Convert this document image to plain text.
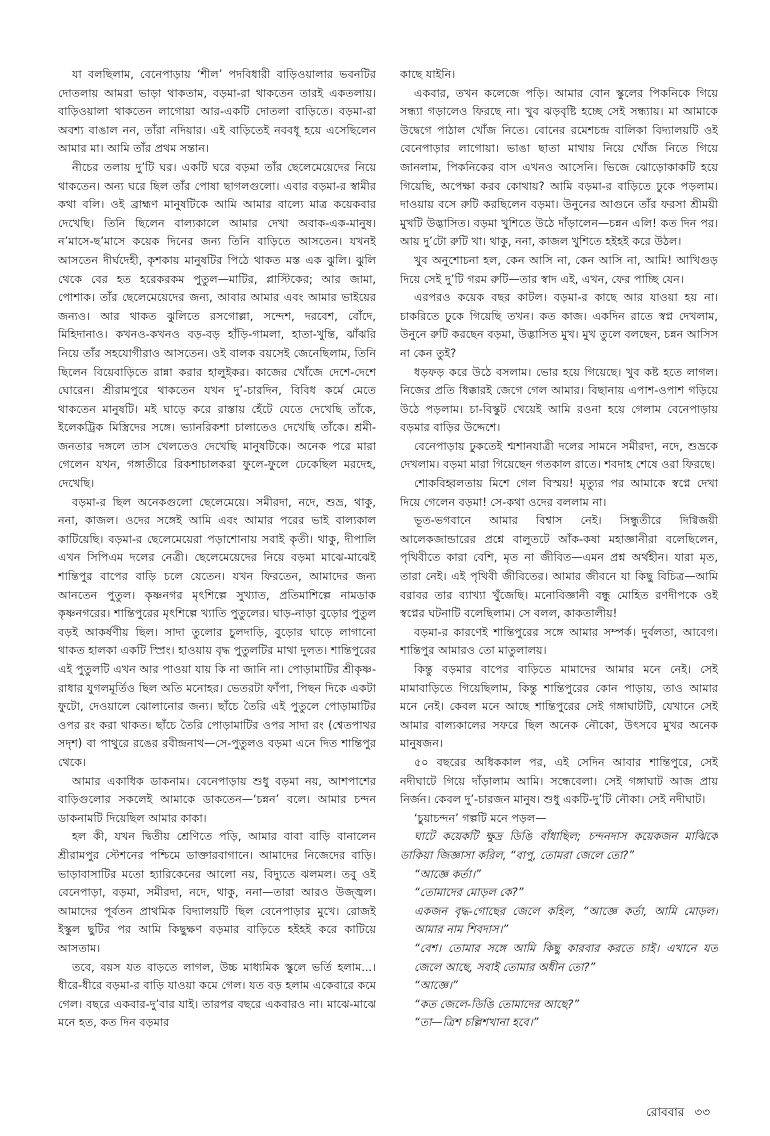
যা বলছিলাম, বেনেপাড়ায় ‘শীল’ পদবিধারী বাড়িওয়ালার ভবনটির দোতলায় আমরা ভাড়া থাকতাম, বড়মা-রা থাকতেন তারই একতলায়। বাড়িওয়ালা থাকতেন লাগোয়া আর-একটি দোতলা বাড়িতে। বড়মা-রা অবশ্য বাঙাল নন, তাঁরা নদিয়ার। এই বাড়িতেই নববধূ হয়ে এসেছিলেন আমার মা। আমি তাঁর প্রথম সন্তান।

নীচের তলায় দু’টি ঘর। একটি ঘরে বড়মা তাঁর ছেলেমেয়েদের নিয়ে থাকতেন। অন্য ঘরে ছিল তাঁর পোষা ছাগলগুলো। এবার বড়মা-র স্বামীর কথা বলি। ওই ব্রাহ্মণ মানুষটিকে আমি আমার বাল্যে মাত্র কয়েকবার দেখেছি। তিনি ছিলেন বাল্যকালে আমার দেখা অবাক-এক-মানুষ। ন’মাসে-ছ’মাসে কয়েক দিনের জন্য তিনি বাড়িতে আসতেন। যখনই আসতেন দীর্ঘদেহী, কৃশকায় মানুষটির পিঠে থাকত মস্ত এক ঝুলি। ঝুলি থেকে বের হত হরেকরকম পুতুল—মাটির, প্লাস্টিকের; আর জামা, পোশাক। তাঁর ছেলেমেয়েদের জন্য, আবার আমার এবং আমার ভাইয়ের জন্যও। আর থাকত ঝুলিতে রসগোল্লা, সন্দেশ, দরবেশ, বোঁদে, মিহিদানাও। কখনও-কখনও বড়-বড় হাঁড়ি-গামলা, হাতা-খুন্তি, ঝাঁঝরি নিয়ে তাঁর সহযোগীরাও আসতেন। ওই বালক বয়সেই জেনেছিলাম, তিনি ছিলেন বিয়েবাড়িতে রান্না করার হালুইকর। কাজের খোঁজে দেশে-দেশে ঘোরেন। শ্রীরামপুরে থাকতেন যখন দু’-চারদিন, বিবিধ কর্মে মেতে থাকতেন মানুষটি। মই ঘাড়ে করে রাস্তায় হেঁটে যেতে দেখেছি তাঁকে, ইলেকট্রিক মিস্ত্রিদের সঙ্গে। ভ্যানরিকশা চালাতেও দেখেছি তাঁকে। শ্রমী-জনতার দঙ্গলে তাস খেলতেও দেখেছি মানুষটিকে। অনেক পরে মারা গেলেন যখন, গঙ্গাতীরে রিকশাচালকরা ফুলে-ফুলে ঢেকেছিল মরদেহ, দেখেছি।

বড়মা-র ছিল অনেকগুলো ছেলেমেয়ে। সমীরদা, নদে, শুভ্র, থাকু, ননা, কাজল। ওদের সঙ্গেই আমি এবং আমার পরের ভাই বাল্যকাল কাটিয়েছি। বড়মা-র ছেলেমেয়েরা পড়াশোনায় সবাই কৃতী। থাকু, দীপালি এখন সিপিএম দলের নেত্রী। ছেলেমেয়েদের নিয়ে বড়মা মাঝে-মাঝেই শান্তিপুর বাপের বাড়ি চলে যেতেন। যখন ফিরতেন, আমাদের জন্য আনতেন পুতুল। কৃষ্ণনগর মৃৎশিল্পে সুখ্যাত, প্রতিমাশিল্পে নামডাক কৃষ্ণনগরের। শান্তিপুরের মৃৎশিল্পে খ্যাতি পুতুলের। ঘাড়-নাড়া বুড়োর পুতুল বড়ই আকর্ষণীয় ছিল। সাদা তুলোর চুলদাড়ি, বুড়োর ঘাড়ে লাগানো থাকত হালকা একটি স্প্রিং। হাওয়ায় বৃদ্ধ পুতুলটির মাথা দুলত। শান্তিপুরের এই পুতুলটি এখন আর পাওয়া যায় কি না জানি না। পোড়ামাটির শ্রীকৃষ্ণ-রাধার যুগলমূর্তিও ছিল অতি মনোহর। ভেতরটা ফাঁপা, পিছন দিকে একটা ফুটো, দেওয়ালে ঝোলানোর জন্য। ছাঁচে তৈরি এই পুতুলে পোড়ামাটির ওপর রং করা থাকত। ছাঁচে তৈরি পোড়ামাটির ওপর সাদা রং (শ্বেতপাথর সদৃশ) বা পাথুরে রঙের রবীন্দ্রনাথ—সে-পুতুলও বড়মা এনে দিত শান্তিপুর থেকে।

আমার একাধিক ডাকনাম। বেনেপাড়ায় শুধু বড়মা নয়, আশপাশের বাড়িগুলোর সকলেই আমাকে ডাকতেন—‘চন্নন’ বলে। আমার চন্দন ডাকনামটি দিয়েছিল আমার কাকা।

হল কী, যখন দ্বিতীয় শ্রেণিতে পড়ি, আমার বাবা বাড়ি বানালেন শ্রীরামপুর স্টেশনের পশ্চিমে ডাক্তারবাগানে। আমাদের নিজেদের বাড়ি। ভাড়াবাসাটির মতো হ্যারিকেনের আলো নয়, বিদ্যুতে ঝলমল। তবু ওই বেনেপাড়া, বড়মা, সমীরদা, নদে, থাকু, ননা—তারা আরও উজ্জ্বল। আমাদের পূর্বতন প্রাথমিক বিদ্যালয়টি ছিল বেনেপাড়ার মুখে। রোজই ইস্কুল ছুটির পর আমি কিছুক্ষণ বড়মার বাড়িতে হইহই করে কাটিয়ে আসতাম।

তবে, বয়স যত বাড়তে লাগল, উচ্চ মাধ্যমিক স্কুলে ভর্তি হলাম...। ধীরে-ধীরে বড়মা-র বাড়ি যাওয়া কমে গেল। যত বড় হলাম একেবারে কমে গেল। বছরে একবার-দু’বার যাই। তারপর বছরে একবারও না। মাঝে-মাঝে মনে হত, কত দিন বড়মার

কাছে যাইনি।

একবার, তখন কলেজে পড়ি। আমার বোন স্কুলের পিকনিকে গিয়ে সন্ধ্যা গড়ালেও ফিরছে না। খুব ঝড়বৃষ্টি হচ্ছে সেই সন্ধ্যায়। মা আমাকে উদ্বেগে পাঠাল খোঁজ নিতে। বোনের রমেশচন্দ্র বালিকা বিদ্যালয়টি ওই বেনেপাড়ার লাগোয়া। ভাঙা ছাতা মাথায় নিয়ে খোঁজ নিতে গিয়ে জানলাম, পিকনিকের বাস এখনও আসেনি। ভিজে ঝোড়োকাকটি হয়ে গিয়েছি, অপেক্ষা করব কোথায়? আমি বড়মা-র বাড়িতে ঢুকে পড়লাম। দাওয়ায় বসে রুটি করছিলেন বড়মা। উনুনের আগুনে তাঁর ফরসা শ্রীময়ী মুখটি উদ্ভাসিত। বড়মা খুশিতে উঠে দাঁড়ালেন—চন্নন এলি! কত দিন পর। আয় দু’টো রুটি খা। থাকু, ননা, কাজল খুশিতে হইহই করে উঠল।

খুব অনুশোচনা হল, কেন আসি না, কেন আসি না, আমি! আখিগুড় দিয়ে সেই দু’টি গরম রুটি—তার স্বাদ এই, এখন, ফের পাচ্ছি যেন।

এরপরও কয়েক বছর কাটল। বড়মা-র কাছে আর যাওয়া হয় না। চাকরিতে ঢুকে গিয়েছি তখন। কত কাজ। একদিন রাতে স্বপ্ন দেখলাম, উনুনে রুটি করছেন বড়মা, উদ্ভাসিত মুখ। মুখ তুলে বলছেন, চন্নন আসিস না কেন তুই?

ধড়ফড় করে উঠে বসলাম। ভোর হয়ে গিয়েছে। খুব কষ্ট হতে লাগল। নিজের প্রতি ধিক্কারই জেগে গেল আমার। বিছানায় এপাশ-ওপাশ গড়িয়ে উঠে পড়লাম। চা-বিস্কুট খেয়েই আমি রওনা হয়ে গেলাম বেনেপাড়ায় বড়মার বাড়ির উদ্দেশে।

বেনেপাড়ায় ঢুকতেই শ্মশানযাত্রী দলের সামনে সমীরদা, নদে, শুভ্রকে দেখলাম। বড়মা মারা গিয়েছেন গতকাল রাতে। শবদাহ শেষে ওরা ফিরছে।

শোকবিহ্বলতায় মিশে গেল বিস্ময়! মৃত্যুর পর আমাকে স্বপ্নে দেখা দিয়ে গেলেন বড়মা! সে-কথা ওদের বললাম না।

ভূত-ভগবানে আমার বিশ্বাস নেই। সিন্ধুতীরে দিগ্বিজয়ী আলেকজান্ডারের প্রশ্নে বালুতটে আঁক-কষা মহাজ্ঞানীরা বলেছিলেন, পৃথিবীতে কারা বেশি, মৃত না জীবিত—এমন প্রশ্ন অর্থহীন। যারা মৃত, তারা নেই। এই পৃথিবী জীবিতের। আমার জীবনে যা কিছু বিচিত্র—আমি বরাবর তার ব্যাখ্যা খুঁজেছি। মনোবিজ্ঞানী বন্ধু মোহিত রণদীপকে ওই স্বপ্নের ঘটনাটি বলেছিলাম। সে বলল, কাকতালীয়!

বড়মা-র কারণেই শান্তিপুরের সঙ্গে আমার সম্পর্ক। দুর্বলতা, আবেগ। শান্তিপুর আমারও তো মাতুলালয়।

কিন্তু বড়মার বাপের বাড়িতে মামাদের আমার মনে নেই। সেই মামাবাড়িতে গিয়েছিলাম, কিন্তু শান্তিপুরের কোন পাড়ায়, তাও আমার মনে নেই। কেবল মনে আছে শান্তিপুরের সেই গঙ্গাঘাটটি, যেখানে সেই আমার বাল্যকালের সফরে ছিল অনেক নৌকো, উৎসবে মুখর অনেক মানুষজন।

৫০ বছরের অধিককাল পর, এই সেদিন আবার শান্তিপুরে, সেই নদীঘাটে গিয়ে দাঁড়ালাম আমি। সন্ধেবেলা। সেই গঙ্গাঘাট আজ প্রায় নির্জন। কেবল দু’-চারজন মানুষ। শুধু একটি-দু’টি নৌকা। সেই নদীঘাট।

‘চুয়াচন্দন’ গল্পটি মনে পড়ল—

ঘাটে কয়েকটি ক্ষুদ্র ডিঙি বাঁধাছিল; চন্দনদাস কয়েকজন মাঝিকে ডাকিয়া জিজ্ঞাসা করিল, “বাপু, তোমরা জেলে তো?”

“আজ্ঞে কর্তা।”

“তোমাদের মোড়ল কে?”

একজন বৃদ্ধ-গোছের জেলে কহিল, “আজ্ঞে কর্তা, আমি মোড়ল। আমার নাম শিবদাস।”

“বেশ। তোমার সঙ্গে আমি কিছু কারবার করতে চাই। এখানে যত জেলে আছে, সবাই তোমার অধীন তো?”

“আজ্ঞে।”

“কত জেলে-ডিঙি তোমাদের আছে?”

“তা—ত্রিশ চল্লিশখানা হবে।”

রোববার ৩৩
